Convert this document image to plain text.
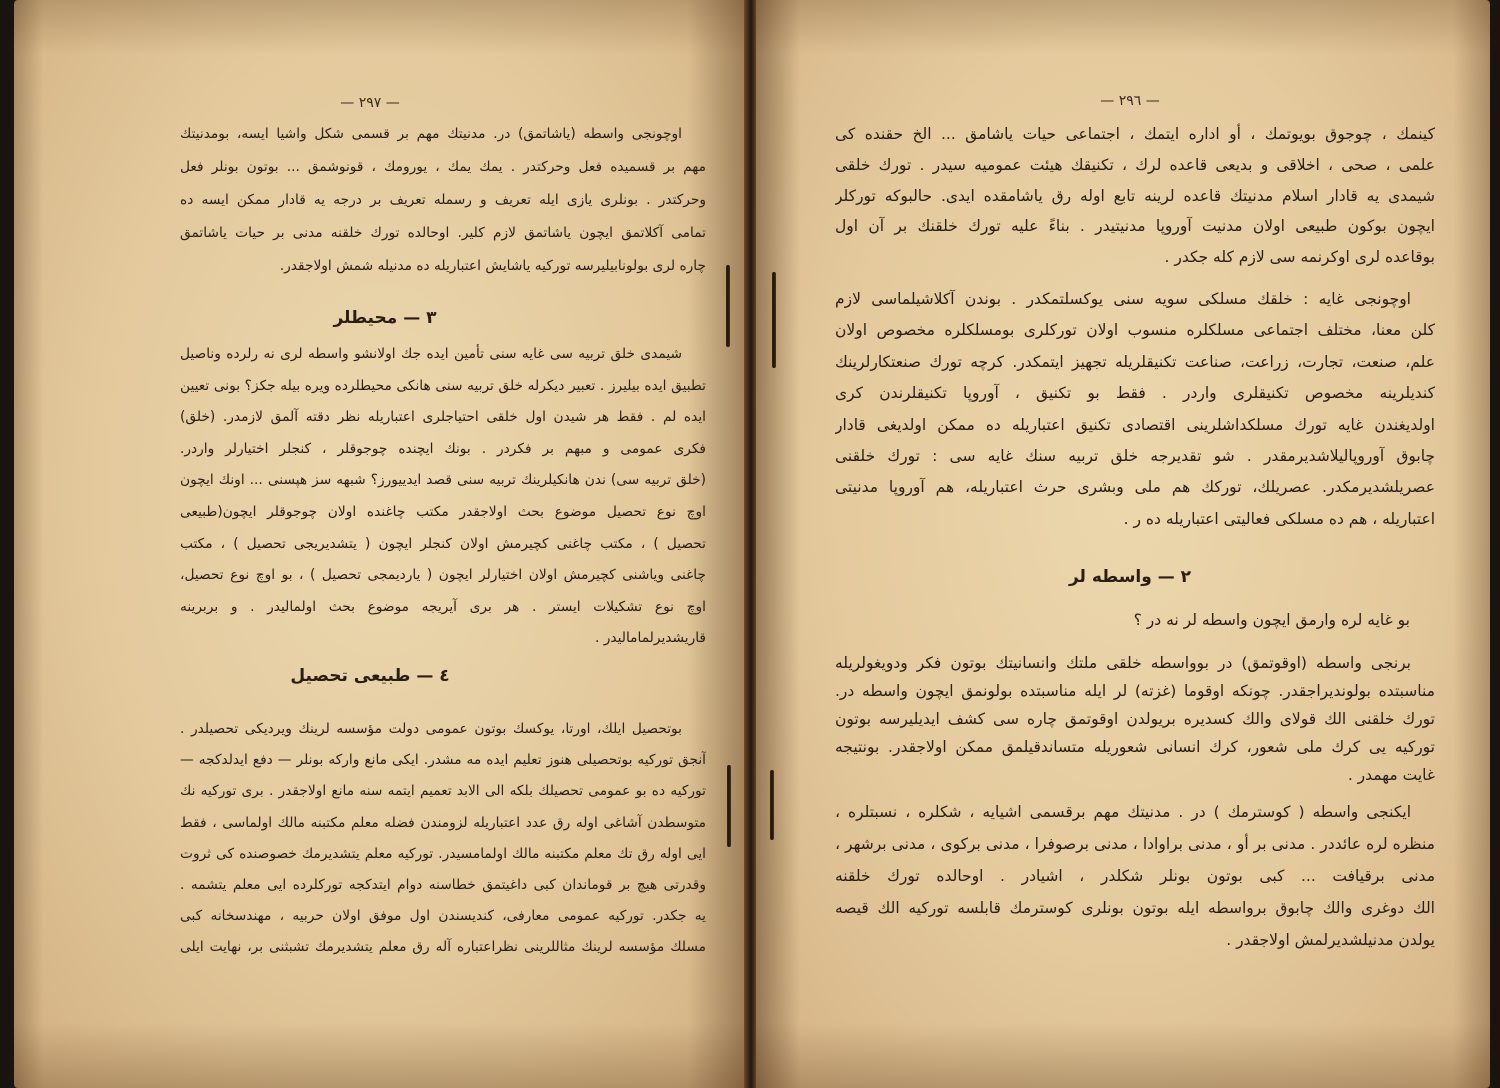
— ٢٩٧ —
اوچونجی واسطه (یاشاتمق) در. مدنیتك مهم بر قسمی شكل واشیا ایسه، بومدنیتك
مهم بر قسمیده فعل وحركتدر . یمك یمك ، یورومك ، قونوشمق ... بوتون بونلر فعل
وحركتدر . بونلری یازی ایله تعریف و رسمله تعریف بر درجه یه قادار ممكن ایسه ده
تمامی آكلاتمق ایچون یاشاتمق لازم كلیر. اوحالده تورك خلقنه مدنی بر حیات یاشاتمق
چاره لری بولونابیلیرسه توركیه یاشایش اعتباریله ده مدنیله شمش اولاجقدر.
٣ — محیطلر
شیمدی خلق تربیه سی غایه سنی تأمین ایده جك اولانشو واسطه لری نه رلرده وناصیل
تطبیق ایده بیلیرز . تعبیر دیكرله خلق تربیه سنی هانكی محیطلرده ویره بیله جكز؟ بونی تعیین
ایده لم . فقط هر شیدن اول خلقی احتیاجلری اعتباریله نظر دقته آلمق لازمدر. (خلق)
فكری عمومی و مبهم بر فكردر . بونك ایچنده چوجوقلر ، كنجلر اختیارلر واردر.
(خلق تربیه سی) ندن هانكیلرینك تربیه سنی قصد ایدییورز؟ شبهه سز هپسنی ... اونك ایچون
اوچ نوع تحصیل موضوع بحث اولاجقدر مكتب چاغنده اولان چوجوقلر ایچون(طبیعی
تحصیل ) ، مكتب چاغنی كچیرمش اولان كنجلر ایچون ( یتشدیریجی تحصیل ) ، مكتب
چاغنی ویاشنی كچیرمش اولان اختیارلر ایچون ( یاردیمجی تحصیل ) ، بو اوچ نوع تحصیل،
اوچ نوع تشكیلات ایستر . هر بری آیریجه موضوع بحث اولمالیدر . و بربرینه
قاریشدیرلمامالیدر .
٤ — طبیعی تحصیل
بوتحصیل ایلك، اورتا، یوكسك بوتون عمومی دولت مؤسسه لرینك ویردیكی تحصیلدر .
آنجق توركیه بوتحصیلی هنوز تعلیم ایده مه مشدر. ایكی مانع واركه بونلر — دفع ایدلدكجه —
توركیه ده بو عمومی تحصیلك بلكه الی الابد تعمیم ایتمه سنه مانع اولاجقدر . بری توركیه نك
متوسطدن آشاغی اوله رق عدد اعتباریله لزومندن فضله معلم مكتبنه مالك اولماسی ، فقط
ایی اوله رق تك معلم مكتبنه مالك اولمامسیدر. توركیه معلم یتشدیرمك خصوصنده كی ثروت
وقدرتی هیچ بر قوماندان كبی داغیتمق خطاسنه دوام ایتدكجه توركلرده ایی معلم یتشمه .
یه جكدر. توركیه عمومی معارفی، كندیسندن اول موفق اولان حربیه ، مهندسخانه كبی
مسلك مؤسسه لرینك مثاللرینی نظراعتباره آله رق معلم یتشدیرمك تشبثنی بر، نهایت ایلی
— ٢٩٦ —
كینمك ، چوجوق بویوتمك ، أو اداره ایتمك ، اجتماعی حیات یاشامق ... الخ حقنده كی
علمی ، صحی ، اخلاقی و بدیعی قاعده لرك ، تكنیقك هیئت عمومیه سیدر . تورك خلقی
شیمدی یه قادار اسلام مدنیتك قاعده لرینه تابع اوله رق یاشامقده ایدی. حالبوكه توركلر
ایچون بوكون طبیعی اولان مدنیت آوروپا مدنیتیدر . بناءً علیه تورك خلقنك بر آن اول
بوقاعده لری اوكرنمه سی لازم كله جكدر .
اوچونجی غایه : خلقك مسلكی سویه سنی یوكسلتمكدر . بوندن آكلاشیلماسی لازم
كلن معنا، مختلف اجتماعی مسلكلره منسوب اولان توركلری بومسلكلره مخصوص اولان
علم، صنعت، تجارت، زراعت، صناعت تكنیقلریله تجهیز ایتمكدر. كرچه تورك صنعتكارلرینك
كندیلرینه مخصوص تكنیقلری واردر . فقط بو تكنیق ، آوروپا تكنیقلرندن كری
اولدیغندن غایه تورك مسلكداشلرینی اقتصادی تكنیق اعتباریله ده ممكن اولدیغی قادار
چابوق آوروپالیلاشدیرمقدر . شو تقدیرجه خلق تربیه سنك غایه سی : تورك خلقنی
عصریلشدیرمكدر. عصریلك، توركك هم ملی وبشری حرث اعتباریله، هم آوروپا مدنیتی
اعتباریله ، هم ده مسلكی فعالیتی اعتباریله ده ر .
٢ — واسطه لر
بو غایه لره وارمق ایچون واسطه لر نه در ؟
برنجی واسطه (اوقوتمق) در بوواسطه خلقی ملتك وانسانیتك بوتون فكر ودویغولریله
مناسبتده بولوندیراجقدر. چونكه اوقوما (غزته) لر ایله مناسبتده بولونمق ایچون واسطه در.
تورك خلقنی الك قولای والك كسدیره بریولدن اوقوتمق چاره سی كشف ایدیلیرسه بوتون
توركیه یی كرك ملی شعور، كرك انسانی شعوریله متساندقیلمق ممكن اولاجقدر. بونتیجه
غایت مهمدر .
ایكنجی واسطه ( كوسترمك ) در . مدنیتك مهم برقسمی اشیایه ، شكلره ، نسبتلره ،
منظره لره عائددر . مدنی بر أو ، مدنی براوادا ، مدنی برصوفرا ، مدنی بركوی ، مدنی برشهر ،
مدنی برقیافت ... كبی بوتون بونلر شكلدر ، اشیادر . اوحالده تورك خلقنه
الك دوغری والك چابوق برواسطه ایله بوتون بونلری كوسترمك قابلسه توركیه الك قیصه
یولدن مدنیلشدیرلمش اولاجقدر .
